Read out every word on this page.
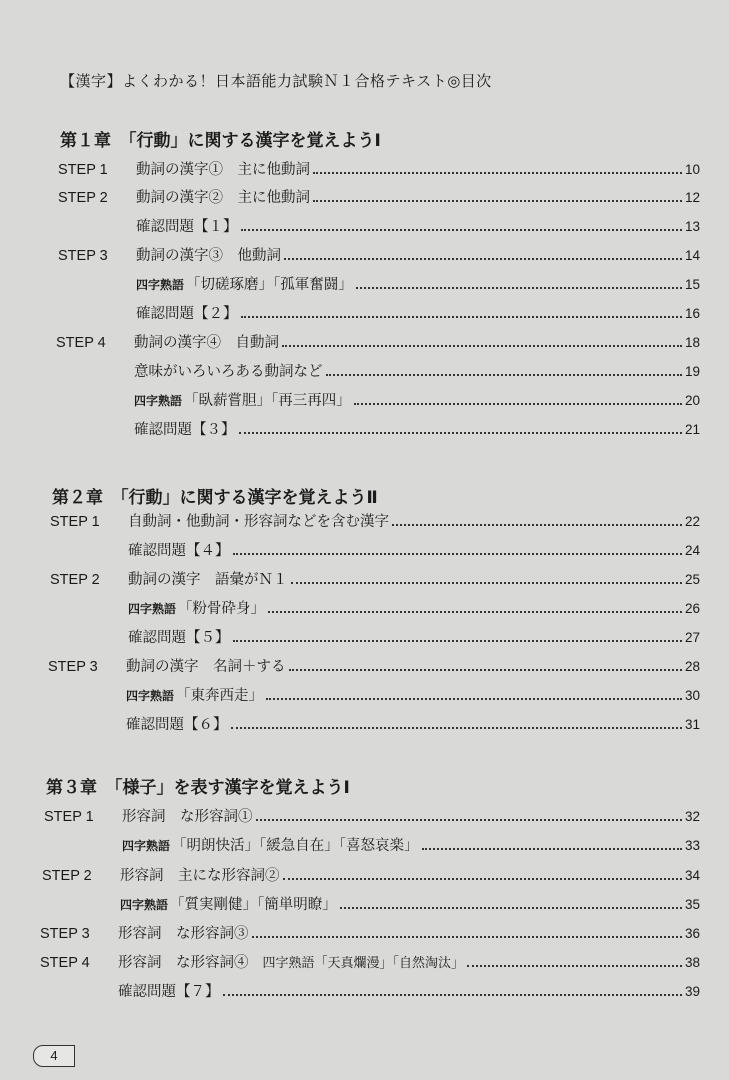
【漢字】よくわかる！日本語能力試験Ｎ１合格テキスト◎目次
第１章　「行動」に関する漢字を覚えようⅠ
第２章　「行動」に関する漢字を覚えようⅡ
第３章　「様子」を表す漢字を覚えようⅠ
STEP 1	動詞の漢字①　主に他動詞	10
STEP 2	動詞の漢字②　主に他動詞	12
確認問題【１】	13
STEP 3	動詞の漢字③　他動詞	14
四字熟語 「切磋琢磨」「孤軍奮闘」	15
確認問題【２】	16
STEP 4	動詞の漢字④　自動詞	18
意味がいろいろある動詞など	19
四字熟語 「臥薪嘗胆」「再三再四」	20
確認問題【３】	21
STEP 1	自動詞・他動詞・形容詞などを含む漢字	22
確認問題【４】	24
STEP 2	動詞の漢字　語彙がＮ１	25
四字熟語 「粉骨砕身」	26
確認問題【５】	27
STEP 3	動詞の漢字　名詞＋する	28
四字熟語 「東奔西走」	30
確認問題【６】	31
STEP 1	形容詞　な形容詞①	32
四字熟語 「明朗快活」「緩急自在」「喜怒哀楽」	33
STEP 2	形容詞　主にな形容詞②	34
四字熟語 「質実剛健」「簡単明瞭」	35
STEP 3	形容詞　な形容詞③	36
STEP 4	形容詞　な形容詞④ 四字熟語「天真爛漫」「自然淘汰」	38
確認問題【７】	39
4
